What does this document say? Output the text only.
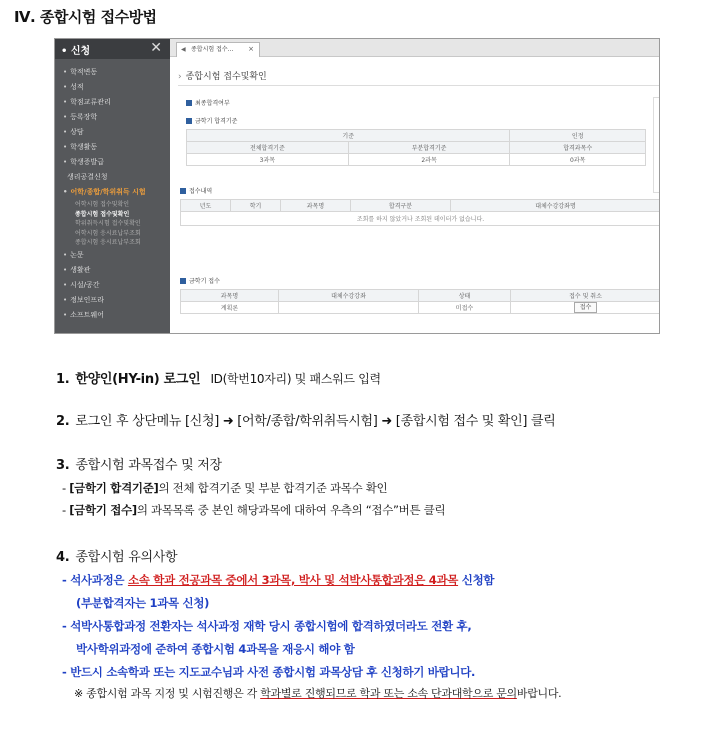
Ⅳ. 종합시험 접수방법
• 신청	✕
• 학적변동
• 성적
• 학점교류관리
• 등록장학
• 상담
• 학생활동
• 학생증발급
생리공결신청
• 어학/종합/학위취득 시험
어학시험 접수및확인
종합시험 접수및확인
학위취득시험 접수및확인
어학시험 응시료납부조회
종합시험 응시료납부조회
• 논문
• 생활관
• 시설/공간
• 정보인프라
• 소프트웨어
◀ 종합시험 접수... ×
› 종합시험 접수및확인
최종합격여부
금학기 합격기준
기준		인정
전체합격기준	부분합격기준	합격과목수
3과목	2과목	0과목
접수내역
년도	학기	과목명	합격구분	대체수강강좌명
조회를 하지 않았거나 조회된 데이터가 없습니다.
금학기 접수
과목명	대체수강강좌	상태	접수 및 취소
계획론		미접수	접수
1. 한양인(HY-in) 로그인 ID(학번10자리) 및 패스워드 입력
2. 로그인 후 상단메뉴 [신청] ➜ [어학/종합/학위취득시험] ➜ [종합시험 접수 및 확인] 클릭
3. 종합시험 과목접수 및 저장
- [금학기 합격기준]의 전체 합격기준 및 부분 합격기준 과목수 확인
- [금학기 접수]의 과목목록 중 본인 해당과목에 대하여 우측의 “접수”버튼 클릭
4. 종합시험 유의사항
- 석사과정은 소속 학과 전공과목 중에서 3과목, 박사 및 석박사통합과정은 4과목 신청함
(부분합격자는 1과목 신청)
- 석박사통합과정 전환자는 석사과정 재학 당시 종합시험에 합격하였더라도 전환 후,
박사학위과정에 준하여 종합시험 4과목을 재응시 해야 함
- 반드시 소속학과 또는 지도교수님과 사전 종합시험 과목상담 후 신청하기 바랍니다.
※ 종합시험 과목 지정 및 시험진행은 각 학과별로 진행되므로 학과 또는 소속 단과대학으로 문의바랍니다.
